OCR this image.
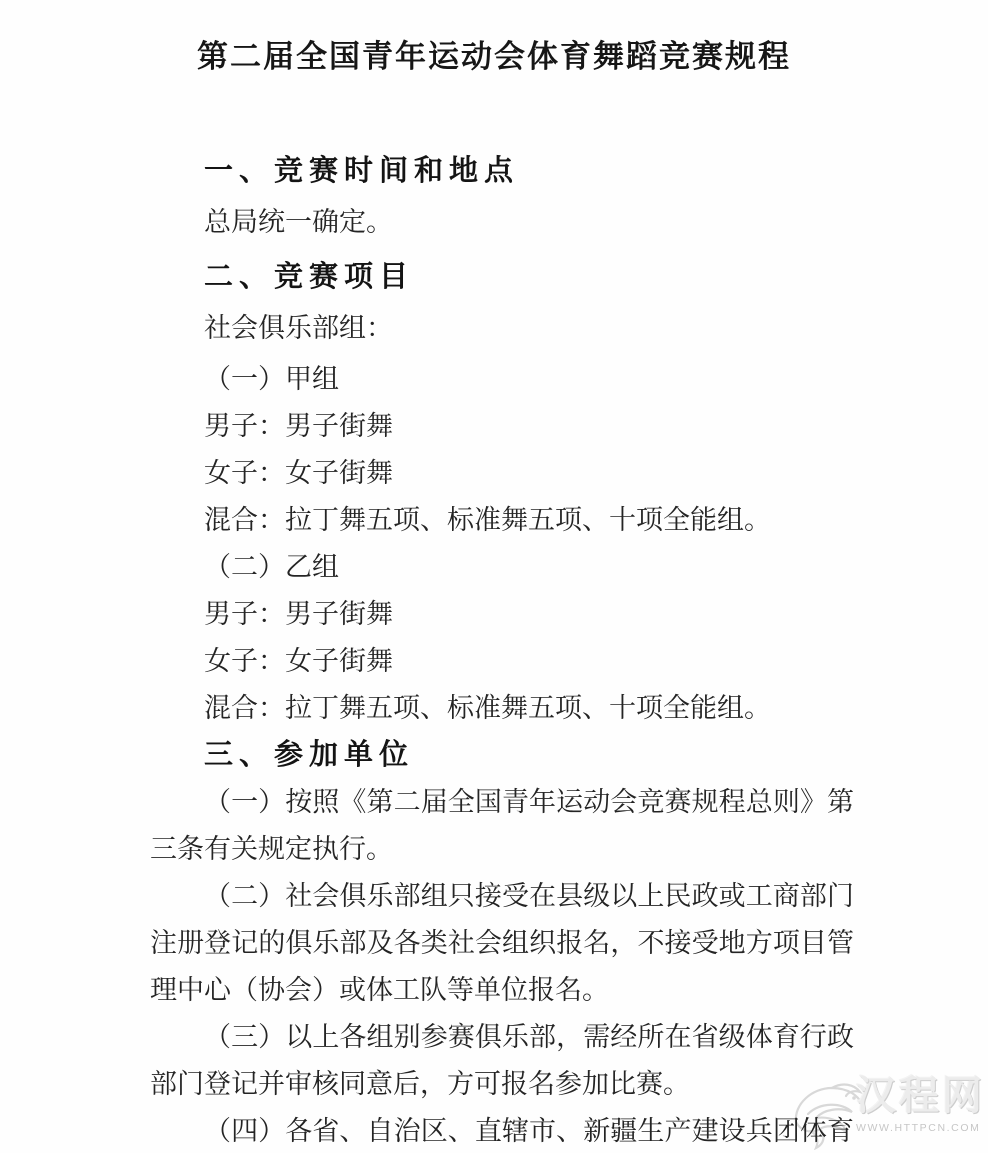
第二届全国青年运动会体育舞蹈竞赛规程
一、竞赛时间和地点
总局统一确定。
二、竞赛项目
社会俱乐部组：
（一）甲组
男子：男子街舞
女子：女子街舞
混合：拉丁舞五项、标准舞五项、十项全能组。
（二）乙组
男子：男子街舞
女子：女子街舞
混合：拉丁舞五项、标准舞五项、十项全能组。
三、参加单位
（一）按照《第二届全国青年运动会竞赛规程总则》第
三条有关规定执行。
（二）社会俱乐部组只接受在县级以上民政或工商部门
注册登记的俱乐部及各类社会组织报名，不接受地方项目管
理中心（协会）或体工队等单位报名。
（三）以上各组别参赛俱乐部，需经所在省级体育行政
部门登记并审核同意后，方可报名参加比赛。
（四）各省、自治区、直辖市、新疆生产建设兵团体育
汉程网
WWW.HTTPCN.COM
